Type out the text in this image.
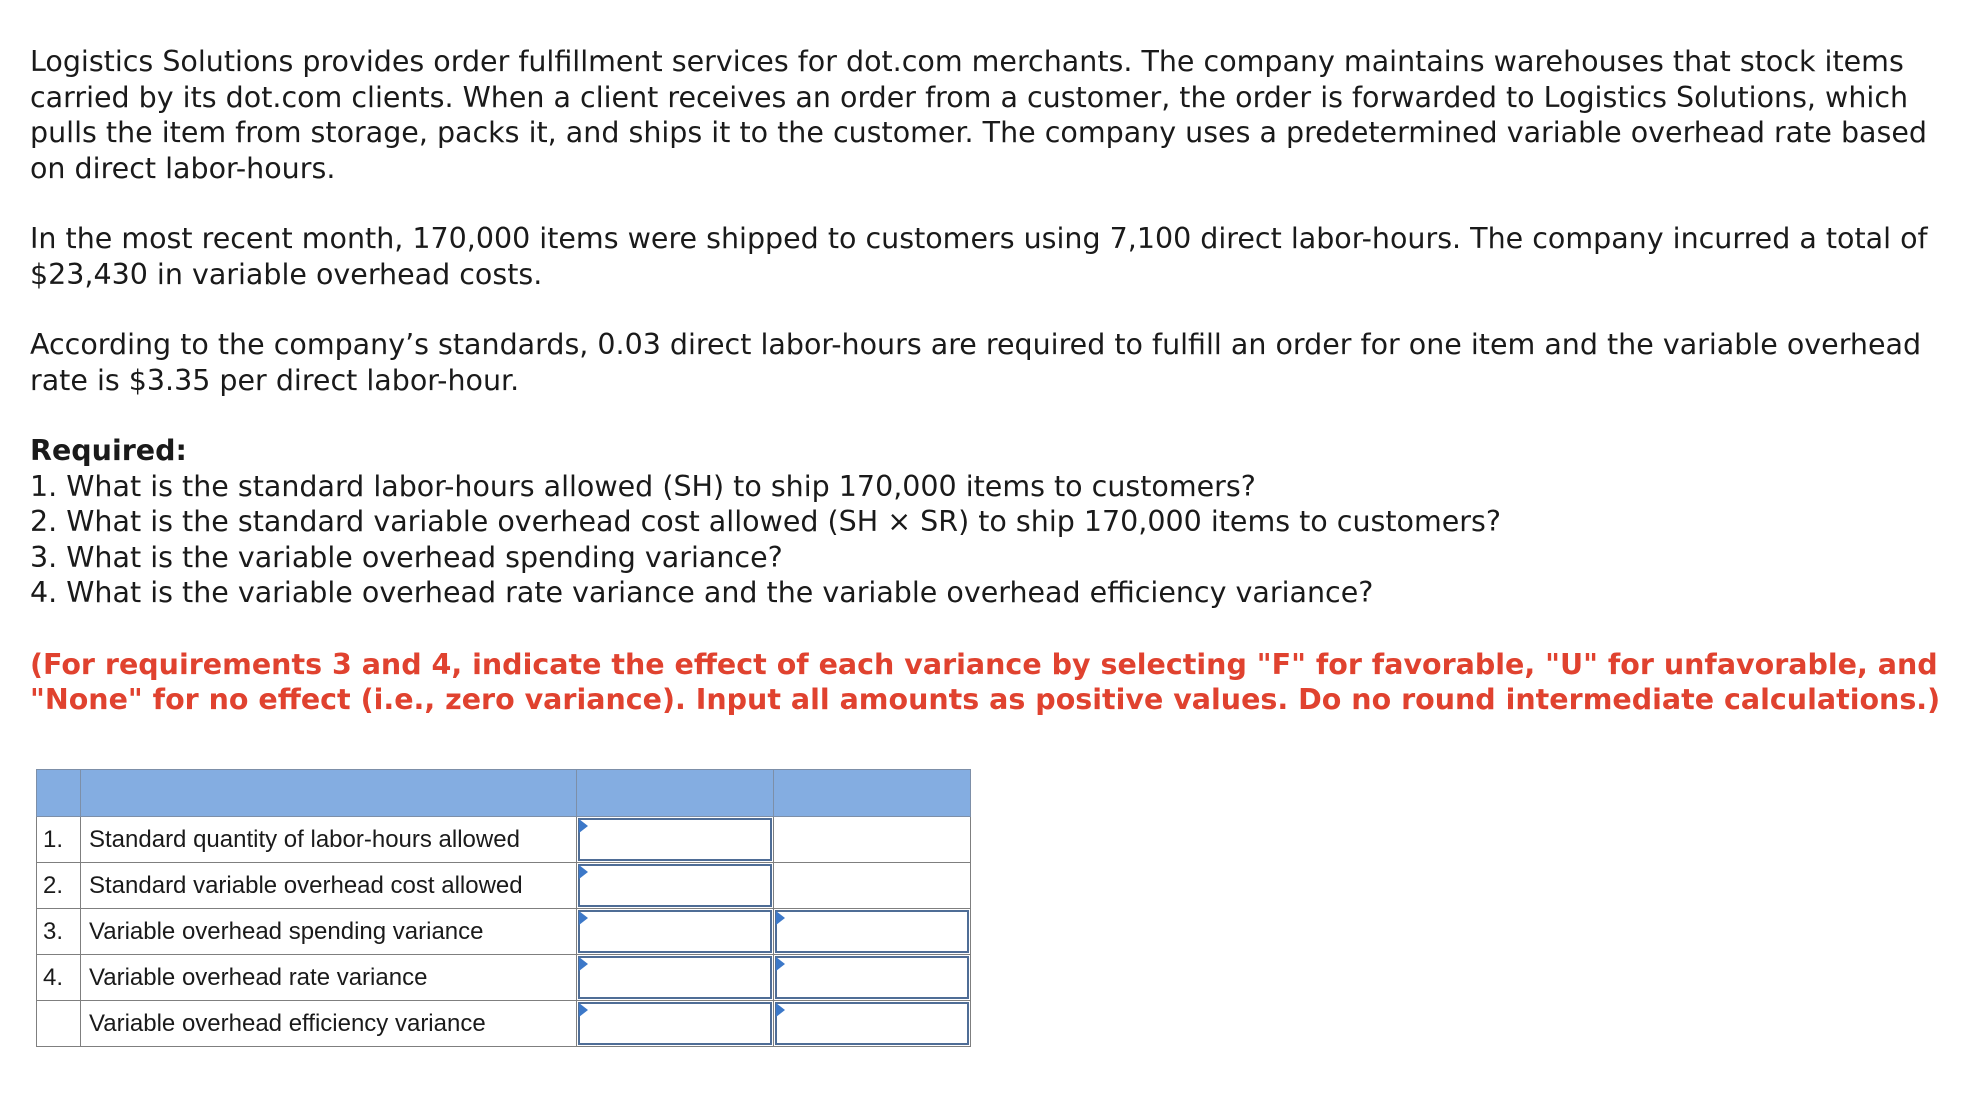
Logistics Solutions provides order fulfillment services for dot.com merchants. The company maintains warehouses that stock items carried by its dot.com clients. When a client receives an order from a customer, the order is forwarded to Logistics Solutions, which pulls the item from storage, packs it, and ships it to the customer. The company uses a predetermined variable overhead rate based on direct labor-hours.

In the most recent month, 170,000 items were shipped to customers using 7,100 direct labor-hours. The company incurred a total of $23,430 in variable overhead costs.

According to the company’s standards, 0.03 direct labor-hours are required to fulfill an order for one item and the variable overhead rate is $3.35 per direct labor-hour.

Required:
1. What is the standard labor-hours allowed (SH) to ship 170,000 items to customers?
2. What is the standard variable overhead cost allowed (SH × SR) to ship 170,000 items to customers?
3. What is the variable overhead spending variance?
4. What is the variable overhead rate variance and the variable overhead efficiency variance?
(For requirements 3 and 4, indicate the effect of each variance by selecting "F" for favorable, "U" for unfavorable, and "None" for no effect (i.e., zero variance). Input all amounts as positive values. Do no round intermediate calculations.)

1.	Standard quantity of labor-hours allowed	

2.	Standard variable overhead cost allowed	

3.	Variable overhead spending variance	

4.	Variable overhead rate variance	

	Variable overhead efficiency variance	
